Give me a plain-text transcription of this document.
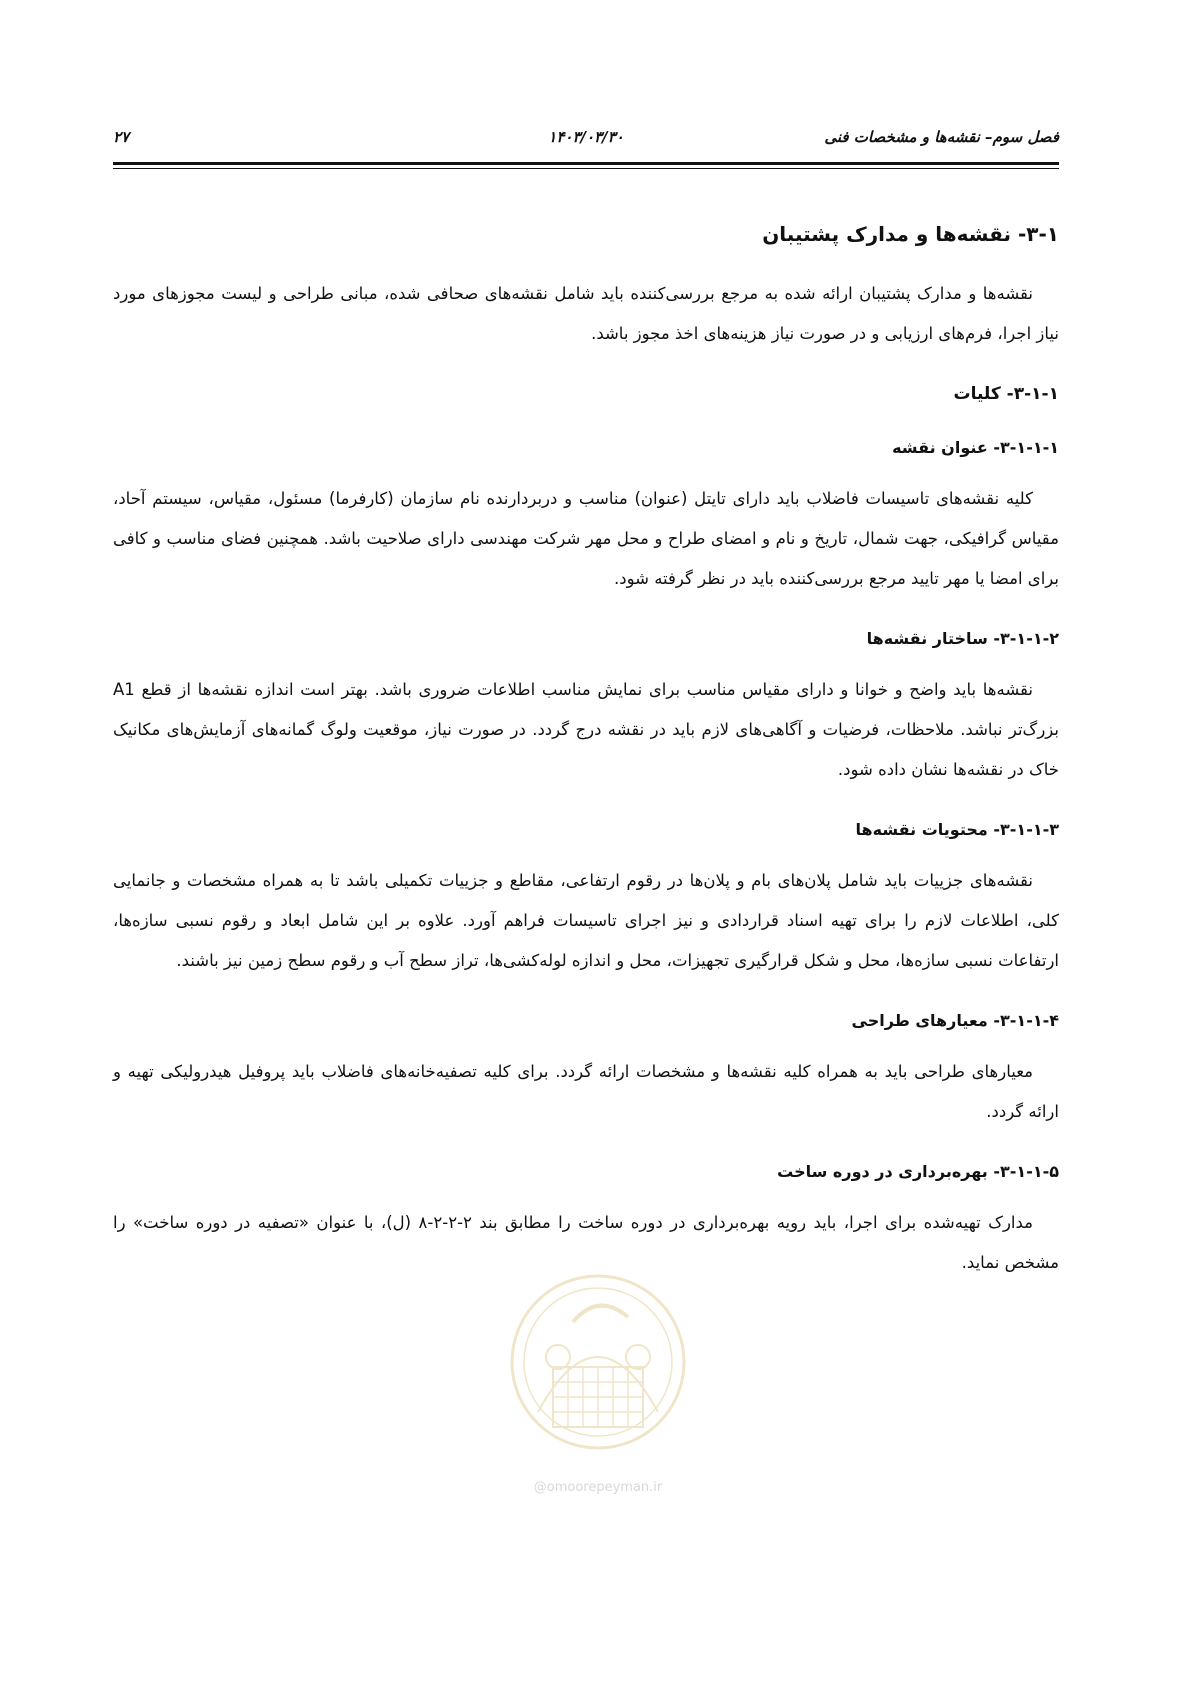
فصل سوم– نقشه‌ها و مشخصات فنی
۱۴۰۳/۰۳/۳۰
۲۷
۳-۱- نقشه‌ها و مدارک پشتیبان

نقشه‌ها و مدارک پشتیبان ارائه شده به مرجع بررسی‌کننده باید شامل نقشه‌های صحافی شده، مبانی طراحی و لیست مجوزهای مورد نیاز اجرا، فرم‌های ارزیابی و در صورت نیاز هزینه‌های اخذ مجوز باشد.

۳-۱-۱- کلیات
۳-۱-۱-۱- عنوان نقشه

کلیه نقشه‌های تاسیسات فاضلاب باید دارای تایتل (عنوان) مناسب و دربردارنده نام سازمان (کارفرما) مسئول، مقیاس، سیستم آحاد، مقیاس گرافیکی، جهت شمال، تاریخ و نام و امضای طراح و محل مهر شرکت مهندسی دارای صلاحیت باشد. همچنین فضای مناسب و کافی برای امضا یا مهر تایید مرجع بررسی‌کننده باید در نظر گرفته شود.

۳-۱-۱-۲- ساختار نقشه‌ها

نقشه‌ها باید واضح و خوانا و دارای مقیاس مناسب برای نمایش مناسب اطلاعات ضروری باشد. بهتر است اندازه نقشه‌ها از قطع A1 بزرگ‌تر نباشد. ملاحظات، فرضیات و آگاهی‌های لازم باید در نقشه درج گردد. در صورت نیاز، موقعیت ولوگ گمانه‌های آزمایش‌های مکانیک خاک در نقشه‌ها نشان داده شود.

۳-۱-۱-۳- محتویات نقشه‌ها

نقشه‌های جزییات باید شامل پلان‌های بام و پلان‌ها در رقوم ارتفاعی، مقاطع و جزییات تکمیلی باشد تا به همراه مشخصات و جانمایی کلی، اطلاعات لازم را برای تهیه اسناد قراردادی و نیز اجرای تاسیسات فراهم آورد. علاوه بر این شامل ابعاد و رقوم نسبی سازه‌ها، ارتفاعات نسبی سازه‌ها، محل و شکل قرارگیری تجهیزات، محل و اندازه لوله‌کشی‌ها، تراز سطح آب و رقوم سطح زمین نیز باشند.

۳-۱-۱-۴- معیارهای طراحی

معیارهای طراحی باید به همراه کلیه نقشه‌ها و مشخصات ارائه گردد. برای کلیه تصفیه‌خانه‌های فاضلاب باید پروفیل هیدرولیکی تهیه و ارائه گردد.

۳-۱-۱-۵- بهره‌برداری در دوره ساخت

مدارک تهیه‌شده برای اجرا، باید رویه بهره‌برداری در دوره ساخت را مطابق بند ۲-۲-۲-۸ (ل)، با عنوان «تصفیه در دوره ساخت» را مشخص نماید.

@omoorepeyman.ir
